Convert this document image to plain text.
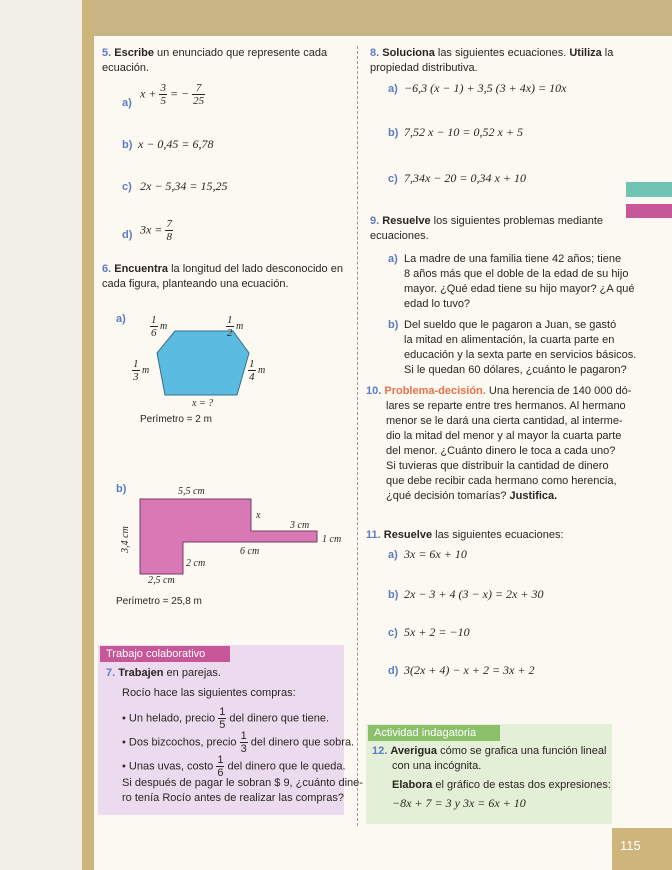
115
5. Escribe un enunciado que represente cada ecuación.
a)
$x + \frac{3}{5}$ = − $\frac{7}{25}$
b) x − 0,45 = 6,78
c) 2x − 5,34 = 15,25
d) $3x = \frac{7}{8}$
6. Encuentra la longitud del lado desconocido en cada figura, planteando una ecuación.
$a) \frac{1}{6}$ m	$\frac{1}{2}$ m
$\frac{1}{3}$ m	$\frac{1}{4}$ m
x = ?
Perímetro = 2 m
b)	5,5 cm
x
3 cm
1 cm
6 cm
2 cm
3,4 cm
2,5 cm
Perímetro = 25,8 m
Trabajo colaborativo
7. Trabajen en parejas.
Rocío hace las siguientes compras:
• Un helado, precio $\frac{1}{5}$ del dinero que tiene.
• Dos bizcochos, precio $\frac{1}{3}$ del dinero que sobra.
• Unas uvas, costo $\frac{1}{6}$ del dinero que le queda.
Si después de pagar le sobran $ 9, ¿cuánto dine-
ro tenía Rocío antes de realizar las compras?
8. Soluciona las siguientes ecuaciones. Utiliza la propiedad distributiva.
a) −6,3 (x − 1) + 3,5 (3 + 4x) = 10x
b) 7,52 x − 10 = 0,52 x + 5
c) 7,34x − 20 = 0,34 x + 10
9. Resuelve los siguientes problemas mediante ecuaciones.
a) La madre de una familia tiene 42 años; tiene
8 años más que el doble de la edad de su hijo
mayor. ¿Qué edad tiene su hijo mayor? ¿A qué
edad lo tuvo?
b) Del sueldo que le pagaron a Juan, se gastó
la mitad en alimentación, la cuarta parte en
educación y la sexta parte en servicios básicos.
Si le quedan 60 dólares, ¿cuánto le pagaron?
10. Problema-decisión. Una herencia de 140 000 dó-
lares se reparte entre tres hermanos. Al hermano
menor se le dará una cierta cantidad, al interme-
dio la mitad del menor y al mayor la cuarta parte
del menor. ¿Cuánto dinero le toca a cada uno?
Si tuvieras que distribuir la cantidad de dinero
que debe recibir cada hermano como herencia,
¿qué decisión tomarías? Justifica.
11. Resuelve las siguientes ecuaciones:
a) 3x = 6x + 10
b) 2x − 3 + 4 (3 − x) = 2x + 30
c) 5x + 2 = −10
d) 3(2x + 4) − x + 2 = 3x + 2
Actividad indagatoria
12. Averigua cómo se grafica una función lineal
con una incógnita.
Elabora el gráfico de estas dos expresiones:
−8x + 7 = 3 y 3x = 6x + 10
